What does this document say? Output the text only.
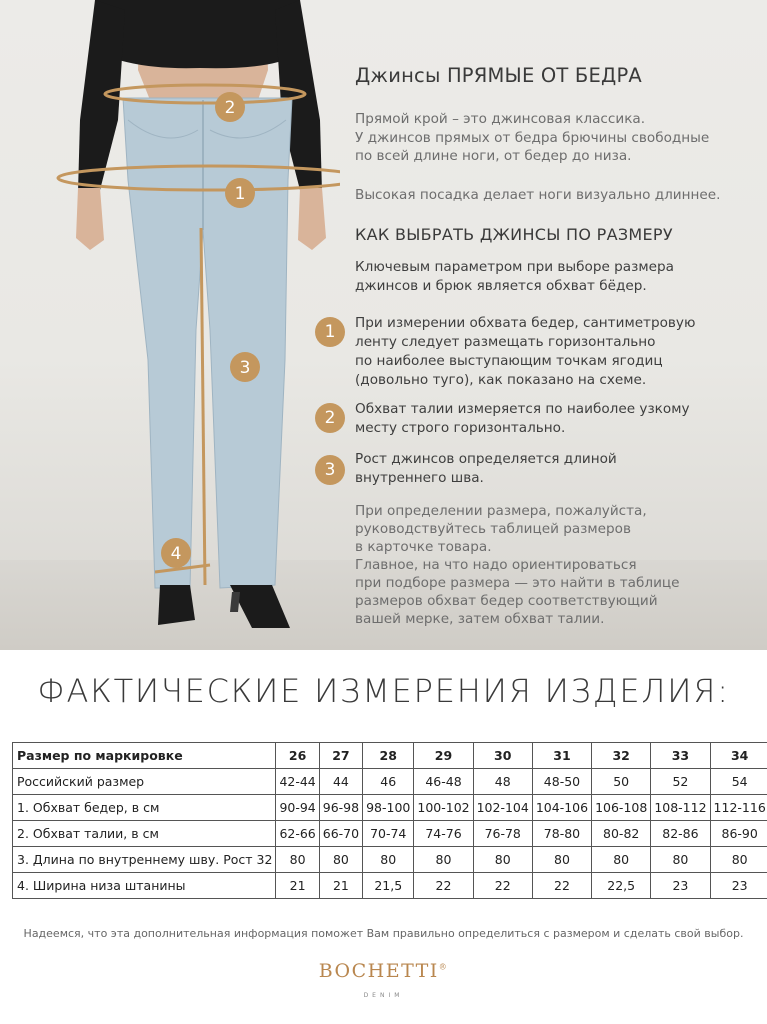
1
2
3
4
Джинсы ПРЯМЫЕ ОТ БЕДРА
Прямой крой – это джинсовая классика.
У джинсов прямых от бедра брючины свободные
по всей длине ноги, от бедер до низа.
Высокая посадка делает ноги визуально длиннее.
КАК ВЫБРАТЬ ДЖИНСЫ ПО РАЗМЕРУ
Ключевым параметром при выборе размера
джинсов и брюк является обхват бёдер.
1	При измерении обхвата бедер, сантиметровую
ленту следует размещать горизонтально
по наиболее выступающим точкам ягодиц
(довольно туго), как показано на схеме.
2	Обхват талии измеряется по наиболее узкому
месту строго горизонтально.
3
Рост джинсов определяется длиной
внутреннего шва.
При определении размера, пожалуйста,
руководствуйтесь таблицей размеров
в карточке товара.
Главное, на что надо ориентироваться
при подборе размера — это найти в таблице
размеров обхват бедер соответствующий
вашей мерке, затем обхват талии.
ФАКТИЧЕСКИЕ ИЗМЕРЕНИЯ ИЗДЕЛИЯ:
Размер по маркировке	26	27	28	29	30	31	32	33	34
Российский размер	42-44	44	46	46-48	48	48-50	50	52	54
1. Обхват бедер, в см	90-94	96-98	98-100	100-102	102-104	104-106	106-108	108-112	112-116
2. Обхват талии, в см	62-66	66-70	70-74	74-76	76-78	78-80	80-82	82-86	86-90
3. Длина по внутреннему шву. Рост 32	80	80	80	80	80	80	80	80	80
4. Ширина низа штанины	21	21	21,5	22	22	22	22,5	23	23
Надеемся, что эта дополнительная информация поможет Вам правильно определиться с размером и сделать свой выбор.
BOCHETTI®
DENIM
